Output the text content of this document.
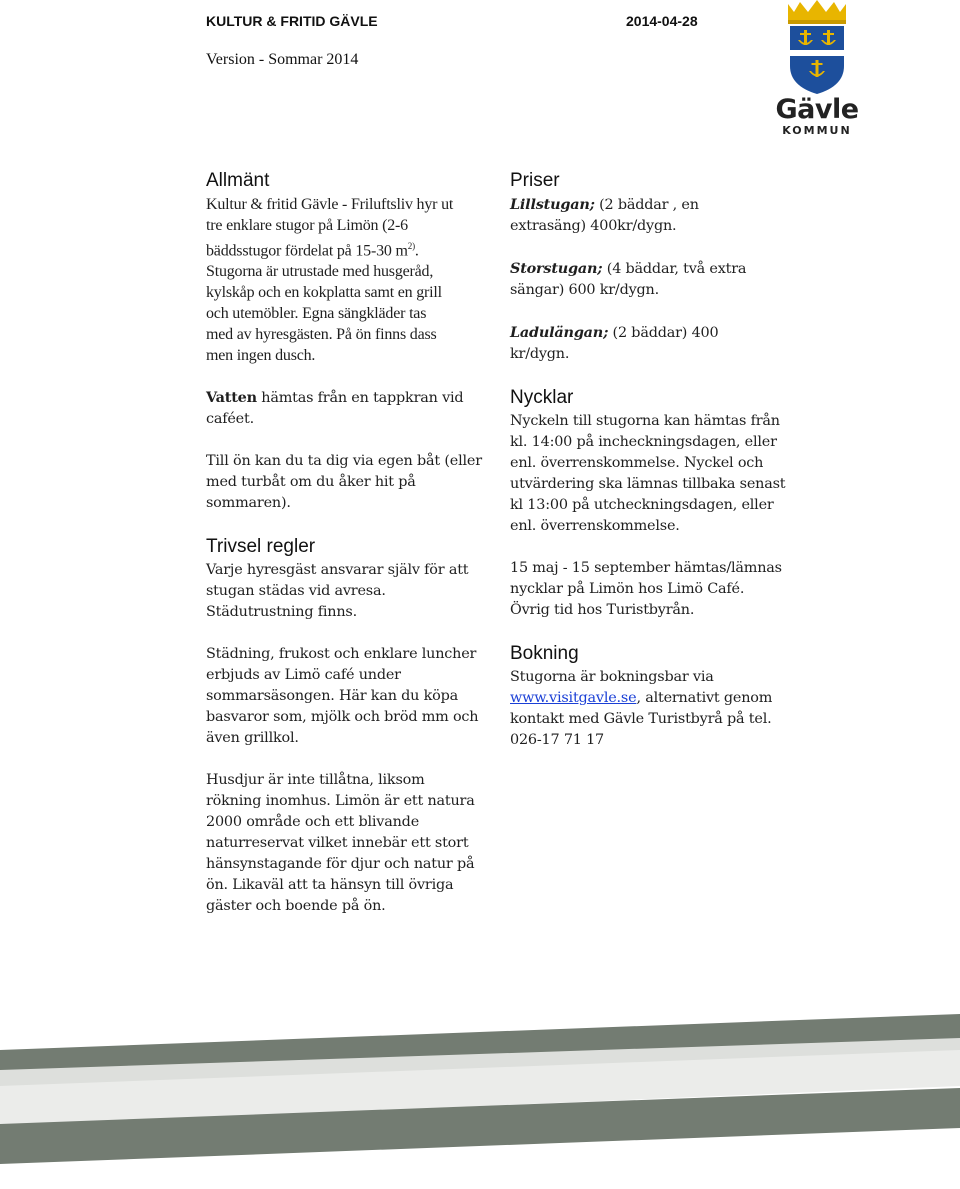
KULTUR & FRITID GÄVLE	2014-04-28
Version - Sommar 2014
Gävle
KOMMUN
Allmänt

Kultur & fritid Gävle - Friluftsliv hyr ut
tre enklare stugor på Limön (2-6
bäddsstugor fördelat på 15-30 $m^{2)}$.
Stugorna är utrustade med husgeråd,
kylskåp och en kokplatta samt en grill
och utemöbler. Egna sängkläder tas
med av hyresgästen. På ön finns dass
men ingen dusch.

Vatten hämtas från en tappkran vid
caféet.

Till ön kan du ta dig via egen båt (eller
med turbåt om du åker hit på
sommaren).

Trivsel regler

Varje hyresgäst ansvarar själv för att
stugan städas vid avresa.
Städutrustning finns.

Städning, frukost och enklare luncher
erbjuds av Limö café under
sommarsäsongen. Här kan du köpa
basvaror som, mjölk och bröd mm och
även grillkol.

Husdjur är inte tillåtna, liksom
rökning inomhus. Limön är ett natura
2000 område och ett blivande
naturreservat vilket innebär ett stort
hänsynstagande för djur och natur på
ön. Likaväl att ta hänsyn till övriga
gäster och boende på ön.

Priser

Lillstugan; (2 bäddar , en
extrasäng) 400kr/dygn.

Storstugan; (4 bäddar, två extra
sängar) 600 kr/dygn.

Ladulängan; (2 bäddar) 400
kr/dygn.

Nycklar

Nyckeln till stugorna kan hämtas från
kl. 14:00 på incheckningsdagen, eller
enl. överrenskommelse. Nyckel och
utvärdering ska lämnas tillbaka senast
kl 13:00 på utcheckningsdagen, eller
enl. överrenskommelse.

15 maj - 15 september hämtas/lämnas
nycklar på Limön hos Limö Café.
Övrig tid hos Turistbyrån.

Bokning

Stugorna är bokningsbar via
www.visitgavle.se, alternativt genom
kontakt med Gävle Turistbyrå på tel.
026-17 71 17
